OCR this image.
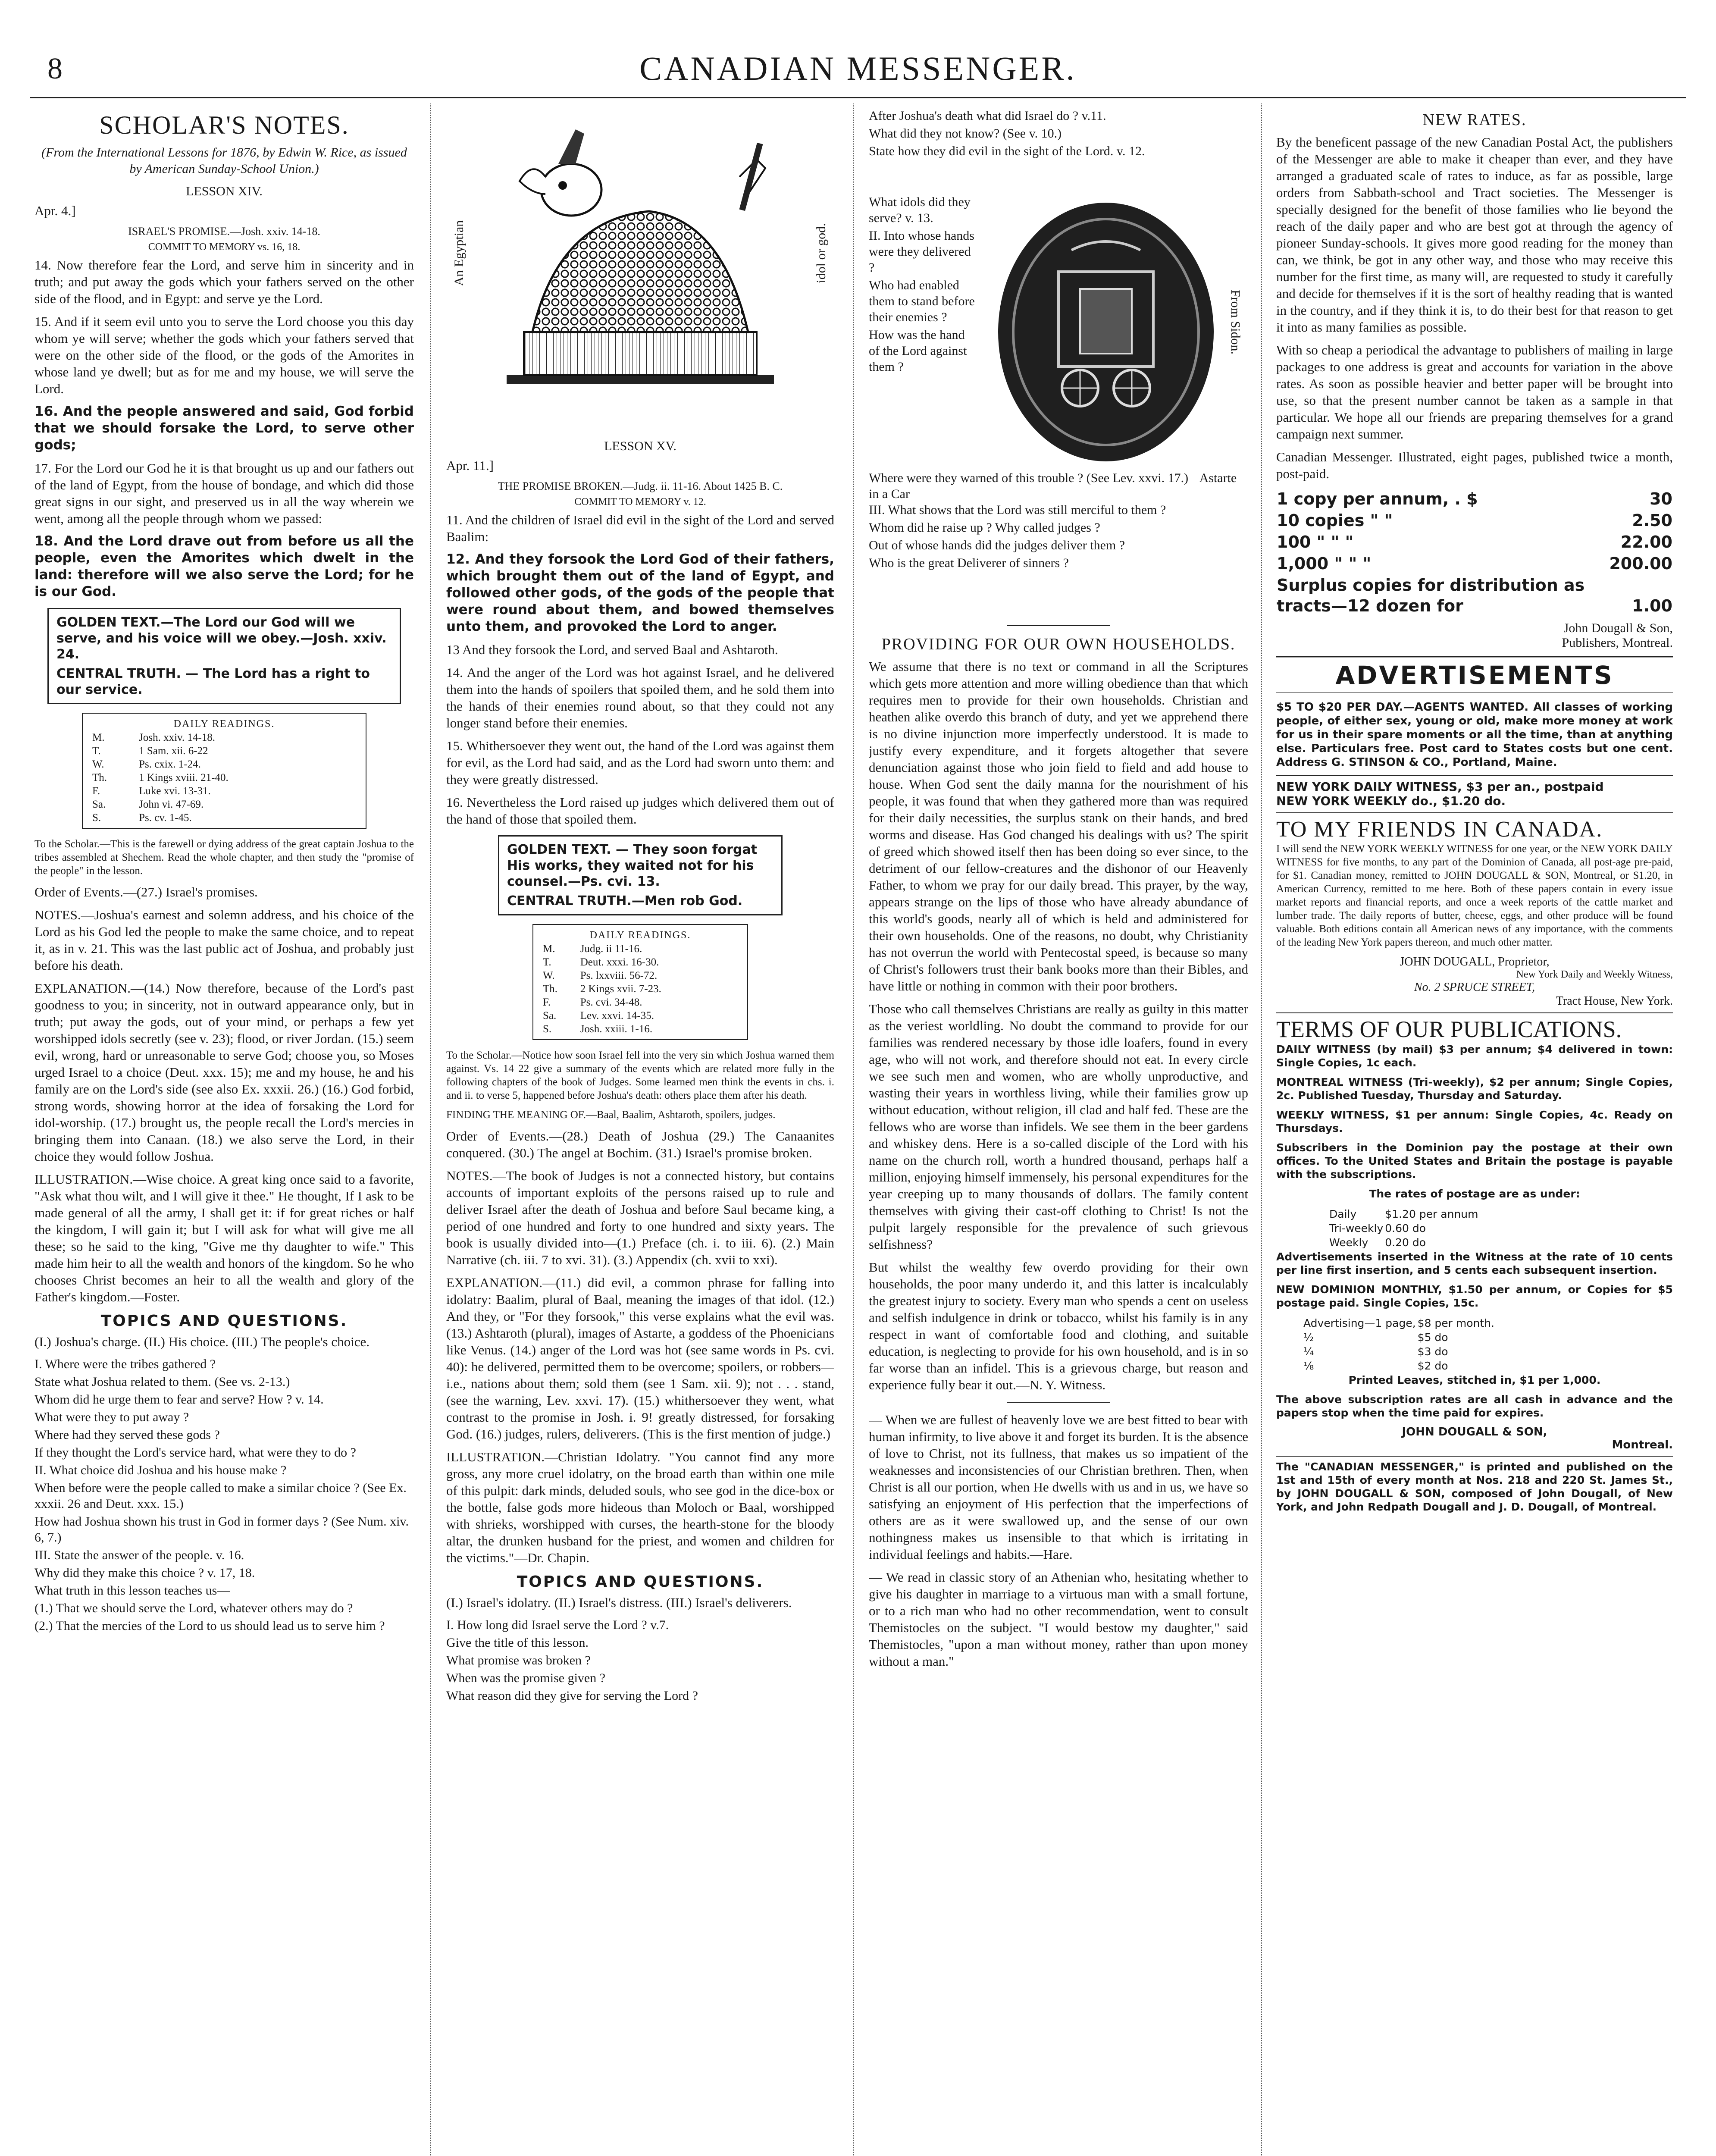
8	CANADIAN MESSENGER.
SCHOLAR'S NOTES.
(From the International Lessons for 1876, by Edwin W. Rice, as issued by American Sunday-School Union.)
LESSON XIV.

Apr. 4.]

ISRAEL'S PROMISE.—Josh. xxiv. 14-18.
COMMIT TO MEMORY vs. 16, 18.

14. Now therefore fear the Lord, and serve him in sincerity and in truth; and put away the gods which your fathers served on the other side of the flood, and in Egypt: and serve ye the Lord.

15. And if it seem evil unto you to serve the Lord choose you this day whom ye will serve; whether the gods which your fathers served that were on the other side of the flood, or the gods of the Amorites in whose land ye dwell; but as for me and my house, we will serve the Lord.

16. And the people answered and said, God forbid that we should forsake the Lord, to serve other gods;

17. For the Lord our God he it is that brought us up and our fathers out of the land of Egypt, from the house of bondage, and which did those great signs in our sight, and preserved us in all the way wherein we went, among all the people through whom we passed:

18. And the Lord drave out from before us all the people, even the Amorites which dwelt in the land: therefore will we also serve the Lord; for he is our God.

GOLDEN TEXT.—The Lord our God will we serve, and his voice will we obey.—Josh. xxiv. 24.
CENTRAL TRUTH. — The Lord has a right to our service.
DAILY READINGS.
M.	Josh. xxiv. 14-18.
T.	1 Sam. xii. 6-22
W.	Ps. cxix. 1-24.
Th.	1 Kings xviii. 21-40.
F.	Luke xvi. 13-31.
Sa.	John vi. 47-69.
S.	Ps. cv. 1-45.

To the Scholar.—This is the farewell or dying address of the great captain Joshua to the tribes assembled at Shechem. Read the whole chapter, and then study the "promise of the people" in the lesson.

Order of Events.—(27.) Israel's promises.

NOTES.—Joshua's earnest and solemn address, and his choice of the Lord as his God led the people to make the same choice, and to repeat it, as in v. 21. This was the last public act of Joshua, and probably just before his death.

EXPLANATION.—(14.) Now therefore, because of the Lord's past goodness to you; in sincerity, not in outward appearance only, but in truth; put away the gods, out of your mind, or perhaps a few yet worshipped idols secretly (see v. 23); flood, or river Jordan. (15.) seem evil, wrong, hard or unreasonable to serve God; choose you, so Moses urged Israel to a choice (Deut. xxx. 15); me and my house, he and his family are on the Lord's side (see also Ex. xxxii. 26.) (16.) God forbid, strong words, showing horror at the idea of forsaking the Lord for idol-worship. (17.) brought us, the people recall the Lord's mercies in bringing them into Canaan. (18.) we also serve the Lord, in their choice they would follow Joshua.

ILLUSTRATION.—Wise choice. A great king once said to a favorite, "Ask what thou wilt, and I will give it thee." He thought, If I ask to be made general of all the army, I shall get it: if for great riches or half the kingdom, I will gain it; but I will ask for what will give me all these; so he said to the king, "Give me thy daughter to wife." This made him heir to all the wealth and honors of the kingdom. So he who chooses Christ becomes an heir to all the wealth and glory of the Father's kingdom.—Foster.

TOPICS AND QUESTIONS.

(I.) Joshua's charge. (II.) His choice. (III.) The people's choice.

• I. Where were the tribes gathered ?
• State what Joshua related to them. (See vs. 2-13.)
• Whom did he urge them to fear and serve? How ? v. 14.
• What were they to put away ?
• Where had they served these gods ?
• If they thought the Lord's service hard, what were they to do ?
• II. What choice did Joshua and his house make ?
• When before were the people called to make a similar choice ? (See Ex. xxxii. 26 and Deut. xxx. 15.)
• How had Joshua shown his trust in God in former days ? (See Num. xiv. 6, 7.)
• III. State the answer of the people. v. 16.
• Why did they make this choice ? v. 17, 18.
• What truth in this lesson teaches us—
• (1.) That we should serve the Lord, whatever others may do ?
• (2.) That the mercies of the Lord to us should lead us to serve him ?
An Egyptian	idol or god.
LESSON XV.

Apr. 11.]

THE PROMISE BROKEN.—Judg. ii. 11-16. About 1425 B. C.
COMMIT TO MEMORY v. 12.

11. And the children of Israel did evil in the sight of the Lord and served Baalim:

12. And they forsook the Lord God of their fathers, which brought them out of the land of Egypt, and followed other gods, of the gods of the people that were round about them, and bowed themselves unto them, and provoked the Lord to anger.

13 And they forsook the Lord, and served Baal and Ashtaroth.

14. And the anger of the Lord was hot against Israel, and he delivered them into the hands of spoilers that spoiled them, and he sold them into the hands of their enemies round about, so that they could not any longer stand before their enemies.

15. Whithersoever they went out, the hand of the Lord was against them for evil, as the Lord had said, and as the Lord had sworn unto them: and they were greatly distressed.

16. Nevertheless the Lord raised up judges which delivered them out of the hand of those that spoiled them.

GOLDEN TEXT. — They soon forgat His works, they waited not for his counsel.—Ps. cvi. 13.
CENTRAL TRUTH.—Men rob God.
DAILY READINGS.
M.	Judg. ii 11-16.
T.	Deut. xxxi. 16-30.
W.	Ps. lxxviii. 56-72.
Th.	2 Kings xvii. 7-23.
F.	Ps. cvi. 34-48.
Sa.	Lev. xxvi. 14-35.
S.	Josh. xxiii. 1-16.

To the Scholar.—Notice how soon Israel fell into the very sin which Joshua warned them against. Vs. 14 22 give a summary of the events which are related more fully in the following chapters of the book of Judges. Some learned men think the events in chs. i. and ii. to verse 5, happened before Joshua's death: others place them after his death.

FINDING THE MEANING OF.—Baal, Baalim, Ashtaroth, spoilers, judges.

Order of Events.—(28.) Death of Joshua (29.) The Canaanites conquered. (30.) The angel at Bochim. (31.) Israel's promise broken.

NOTES.—The book of Judges is not a connected history, but contains accounts of important exploits of the persons raised up to rule and deliver Israel after the death of Joshua and before Saul became king, a period of one hundred and forty to one hundred and sixty years. The book is usually divided into—(1.) Preface (ch. i. to iii. 6). (2.) Main Narrative (ch. iii. 7 to xvi. 31). (3.) Appendix (ch. xvii to xxi).

EXPLANATION.—(11.) did evil, a common phrase for falling into idolatry: Baalim, plural of Baal, meaning the images of that idol. (12.) And they, or "For they forsook," this verse explains what the evil was. (13.) Ashtaroth (plural), images of Astarte, a goddess of the Phoenicians like Venus. (14.) anger of the Lord was hot (see same words in Ps. cvi. 40): he delivered, permitted them to be overcome; spoilers, or robbers—i.e., nations about them; sold them (see 1 Sam. xii. 9); not . . . stand, (see the warning, Lev. xxvi. 17). (15.) whithersoever they went, what contrast to the promise in Josh. i. 9! greatly distressed, for forsaking God. (16.) judges, rulers, deliverers. (This is the first mention of judge.)

ILLUSTRATION.—Christian Idolatry. "You cannot find any more gross, any more cruel idolatry, on the broad earth than within one mile of this pulpit: dark minds, deluded souls, who see god in the dice-box or the bottle, false gods more hideous than Moloch or Baal, worshipped with shrieks, worshipped with curses, the hearth-stone for the bloody altar, the drunken husband for the priest, and women and children for the victims."—Dr. Chapin.

TOPICS AND QUESTIONS.

(I.) Israel's idolatry. (II.) Israel's distress. (III.) Israel's deliverers.

• I. How long did Israel serve the Lord ? v.7.
• Give the title of this lesson.
• What promise was broken ?
• When was the promise given ?
• What reason did they give for serving the Lord ?
• After Joshua's death what did Israel do ? v.11.
• What did they not know? (See v. 10.)
• State how they did evil in the sight of the Lord. v. 12.
• What idols did they serve? v. 13.
• II. Into whose hands were they delivered ?
• Who had enabled them to stand before their enemies ?
• How was the hand of the Lord against them ?
From Sidon.
Where were they warned of this trouble ? (See Lev. xxvi. 17.) Astarte in a Car
• III. What shows that the Lord was still merciful to them ?
• Whom did he raise up ? Why called judges ?
• Out of whose hands did the judges deliver them ?
• Who is the great Deliverer of sinners ?
PROVIDING FOR OUR OWN HOUSEHOLDS.

We assume that there is no text or command in all the Scriptures which gets more attention and more willing obedience than that which requires men to provide for their own households. Christian and heathen alike overdo this branch of duty, and yet we apprehend there is no divine injunction more imperfectly understood. It is made to justify every expenditure, and it forgets altogether that severe denunciation against those who join field to field and add house to house. When God sent the daily manna for the nourishment of his people, it was found that when they gathered more than was required for their daily necessities, the surplus stank on their hands, and bred worms and disease. Has God changed his dealings with us? The spirit of greed which showed itself then has been doing so ever since, to the detriment of our fellow-creatures and the dishonor of our Heavenly Father, to whom we pray for our daily bread. This prayer, by the way, appears strange on the lips of those who have already abundance of this world's goods, nearly all of which is held and administered for their own households. One of the reasons, no doubt, why Christianity has not overrun the world with Pentecostal speed, is because so many of Christ's followers trust their bank books more than their Bibles, and have little or nothing in common with their poor brothers.

Those who call themselves Christians are really as guilty in this matter as the veriest worldling. No doubt the command to provide for our families was rendered necessary by those idle loafers, found in every age, who will not work, and therefore should not eat. In every circle we see such men and women, who are wholly unproductive, and wasting their years in worthless living, while their families grow up without education, without religion, ill clad and half fed. These are the fellows who are worse than infidels. We see them in the beer gardens and whiskey dens. Here is a so-called disciple of the Lord with his name on the church roll, worth a hundred thousand, perhaps half a million, enjoying himself immensely, his personal expenditures for the year creeping up to many thousands of dollars. The family content themselves with giving their cast-off clothing to Christ! Is not the pulpit largely responsible for the prevalence of such grievous selfishness?

But whilst the wealthy few overdo providing for their own households, the poor many underdo it, and this latter is incalculably the greatest injury to society. Every man who spends a cent on useless and selfish indulgence in drink or tobacco, whilst his family is in any respect in want of comfortable food and clothing, and suitable education, is neglecting to provide for his own household, and is in so far worse than an infidel. This is a grievous charge, but reason and experience fully bear it out.—N. Y. Witness.

— When we are fullest of heavenly love we are best fitted to bear with human infirmity, to live above it and forget its burden. It is the absence of love to Christ, not its fullness, that makes us so impatient of the weaknesses and inconsistencies of our Christian brethren. Then, when Christ is all our portion, when He dwells with us and in us, we have so satisfying an enjoyment of His perfection that the imperfections of others are as it were swallowed up, and the sense of our own nothingness makes us insensible to that which is irritating in individual feelings and habits.—Hare.

— We read in classic story of an Athenian who, hesitating whether to give his daughter in marriage to a virtuous man with a small fortune, or to a rich man who had no other recommendation, went to consult Themistocles on the subject. "I would bestow my daughter," said Themistocles, "upon a man without money, rather than upon money without a man."

NEW RATES.

By the beneficent passage of the new Canadian Postal Act, the publishers of the Messenger are able to make it cheaper than ever, and they have arranged a graduated scale of rates to induce, as far as possible, large orders from Sabbath-school and Tract societies. The Messenger is specially designed for the benefit of those families who lie beyond the reach of the daily paper and who are best got at through the agency of pioneer Sunday-schools. It gives more good reading for the money than can, we think, be got in any other way, and those who may receive this number for the first time, as many will, are requested to study it carefully and decide for themselves if it is the sort of healthy reading that is wanted in the country, and if they think it is, to do their best for that reason to get it into as many families as possible.

With so cheap a periodical the advantage to publishers of mailing in large packages to one address is great and accounts for variation in the above rates. As soon as possible heavier and better paper will be brought into use, so that the present number cannot be taken as a sample in that particular. We hope all our friends are preparing themselves for a grand campaign next summer.

Canadian Messenger. Illustrated, eight pages, published twice a month, post-paid.

1 copy per annum, . $	30
10 copies " "	2.50
100 " " "	22.00
1,000 " " "	200.00
Surplus copies for distribution as tracts—12 dozen for	1.00
John Dougall & Son,
Publishers, Montreal.
ADVERTISEMENTS

$5 TO $20 PER DAY.—AGENTS WANTED. All classes of working people, of either sex, young or old, make more money at work for us in their spare moments or all the time, than at anything else. Particulars free. Post card to States costs but one cent. Address G. STINSON & CO., Portland, Maine.

NEW YORK DAILY WITNESS, $3 per an., postpaid
NEW YORK WEEKLY do., $1.20 do.
TO MY FRIENDS IN CANADA.

I will send the NEW YORK WEEKLY WITNESS for one year, or the NEW YORK DAILY WITNESS for five months, to any part of the Dominion of Canada, all post-age pre-paid, for $1. Canadian money, remitted to JOHN DOUGALL & SON, Montreal, or $1.20, in American Currency, remitted to me here. Both of these papers contain in every issue market reports and financial reports, and once a week reports of the cattle market and lumber trade. The daily reports of butter, cheese, eggs, and other produce will be found valuable. Both editions contain all American news of any importance, with the comments of the leading New York papers thereon, and much other matter.

JOHN DOUGALL, Proprietor,
New York Daily and Weekly Witness,
No. 2 SPRUCE STREET,
Tract House, New York.
TERMS OF OUR PUBLICATIONS.

DAILY WITNESS (by mail) $3 per annum; $4 delivered in town: Single Copies, 1c each.

MONTREAL WITNESS (Tri-weekly), $2 per annum; Single Copies, 2c. Published Tuesday, Thursday and Saturday.

WEEKLY WITNESS, $1 per annum: Single Copies, 4c. Ready on Thursdays.

Subscribers in the Dominion pay the postage at their own offices. To the United States and Britain the postage is payable with the subscriptions.

The rates of postage are as under:

Daily	$1.20 per annum
Tri-weekly	0.60 do
Weekly	0.20 do

Advertisements inserted in the Witness at the rate of 10 cents per line first insertion, and 5 cents each subsequent insertion.

NEW DOMINION MONTHLY, $1.50 per annum, or Copies for $5 postage paid. Single Copies, 15c.

Advertising—1 page,	$8 per month.
½	$5 do
¼	$3 do
⅛	$2 do

Printed Leaves, stitched in, $1 per 1,000.

The above subscription rates are all cash in advance and the papers stop when the time paid for expires.

JOHN DOUGALL & SON,
Montreal.

The "CANADIAN MESSENGER," is printed and published on the 1st and 15th of every month at Nos. 218 and 220 St. James St., by JOHN DOUGALL & SON, composed of John Dougall, of New York, and John Redpath Dougall and J. D. Dougall, of Montreal.
